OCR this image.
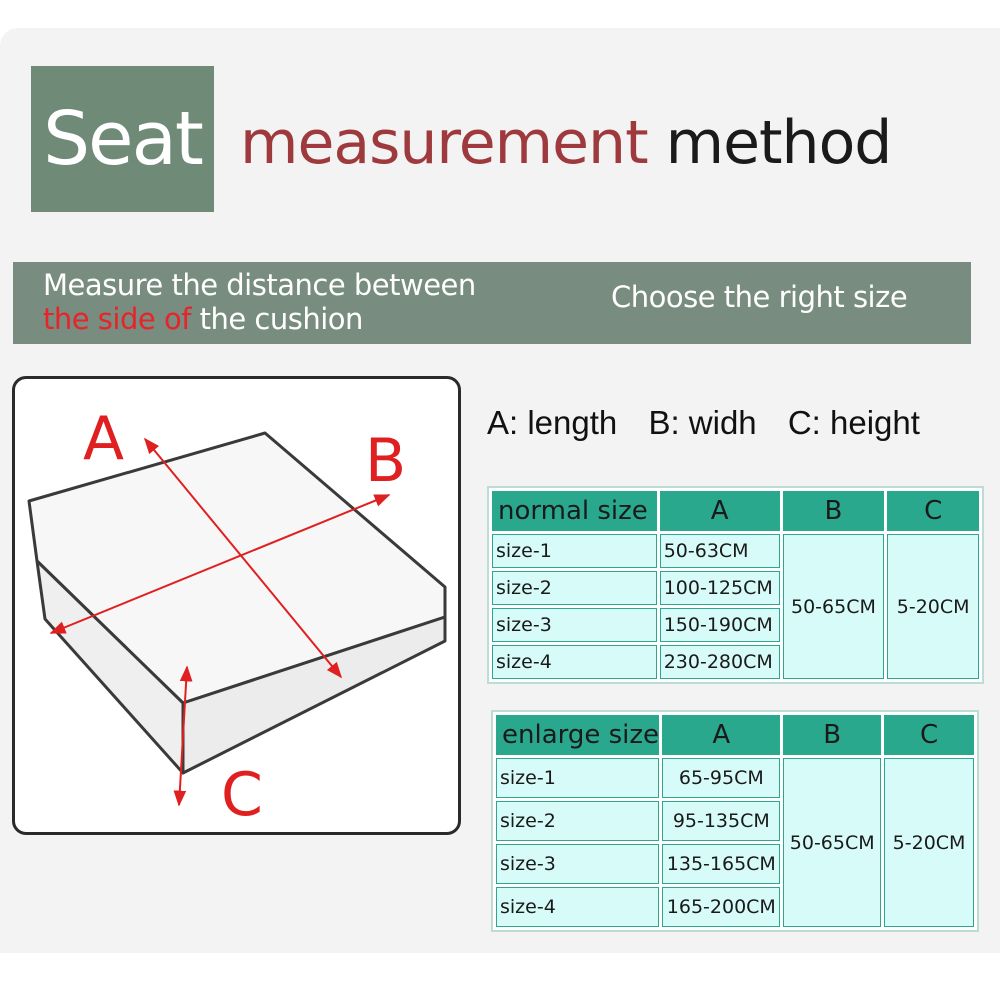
Seat measurement method
Measure the distance between
the side of the cushion
Choose the right size
A	B
C
A: length B: widh C: height
normal size	A	B	C
size-1	50-63CM	50-65CM	5-20CM
size-2	100-125CM		
size-3	150-190CM		
size-4	230-280CM		
enlarge size	A	B	C
size-1	65-95CM	50-65CM	5-20CM
size-2	95-135CM		
size-3	135-165CM		
size-4	165-200CM		
